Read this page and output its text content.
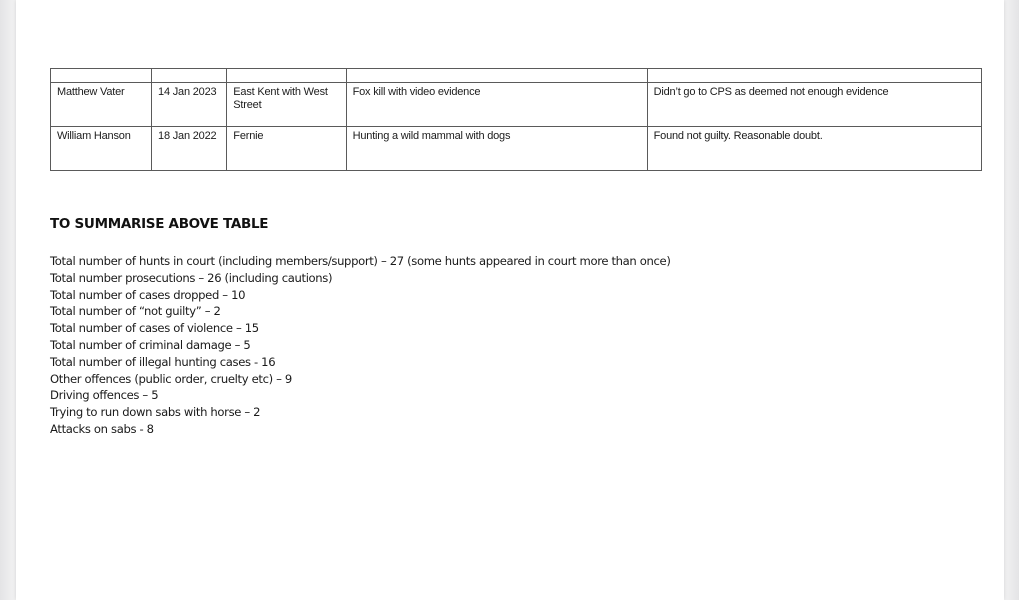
Matthew Vater	14 Jan 2023	East Kent with West Street	Fox kill with video evidence	Didn’t go to CPS as deemed not enough evidence
William Hanson	18 Jan 2022	Fernie	Hunting a wild mammal with dogs	Found not guilty. Reasonable doubt.
TO SUMMARISE ABOVE TABLE
Total number of hunts in court (including members/support) – 27 (some hunts appeared in court more than once)
Total number prosecutions – 26 (including cautions)
Total number of cases dropped – 10
Total number of “not guilty” – 2
Total number of cases of violence – 15
Total number of criminal damage – 5
Total number of illegal hunting cases - 16
Other offences (public order, cruelty etc) – 9
Driving offences – 5
Trying to run down sabs with horse – 2
Attacks on sabs - 8
